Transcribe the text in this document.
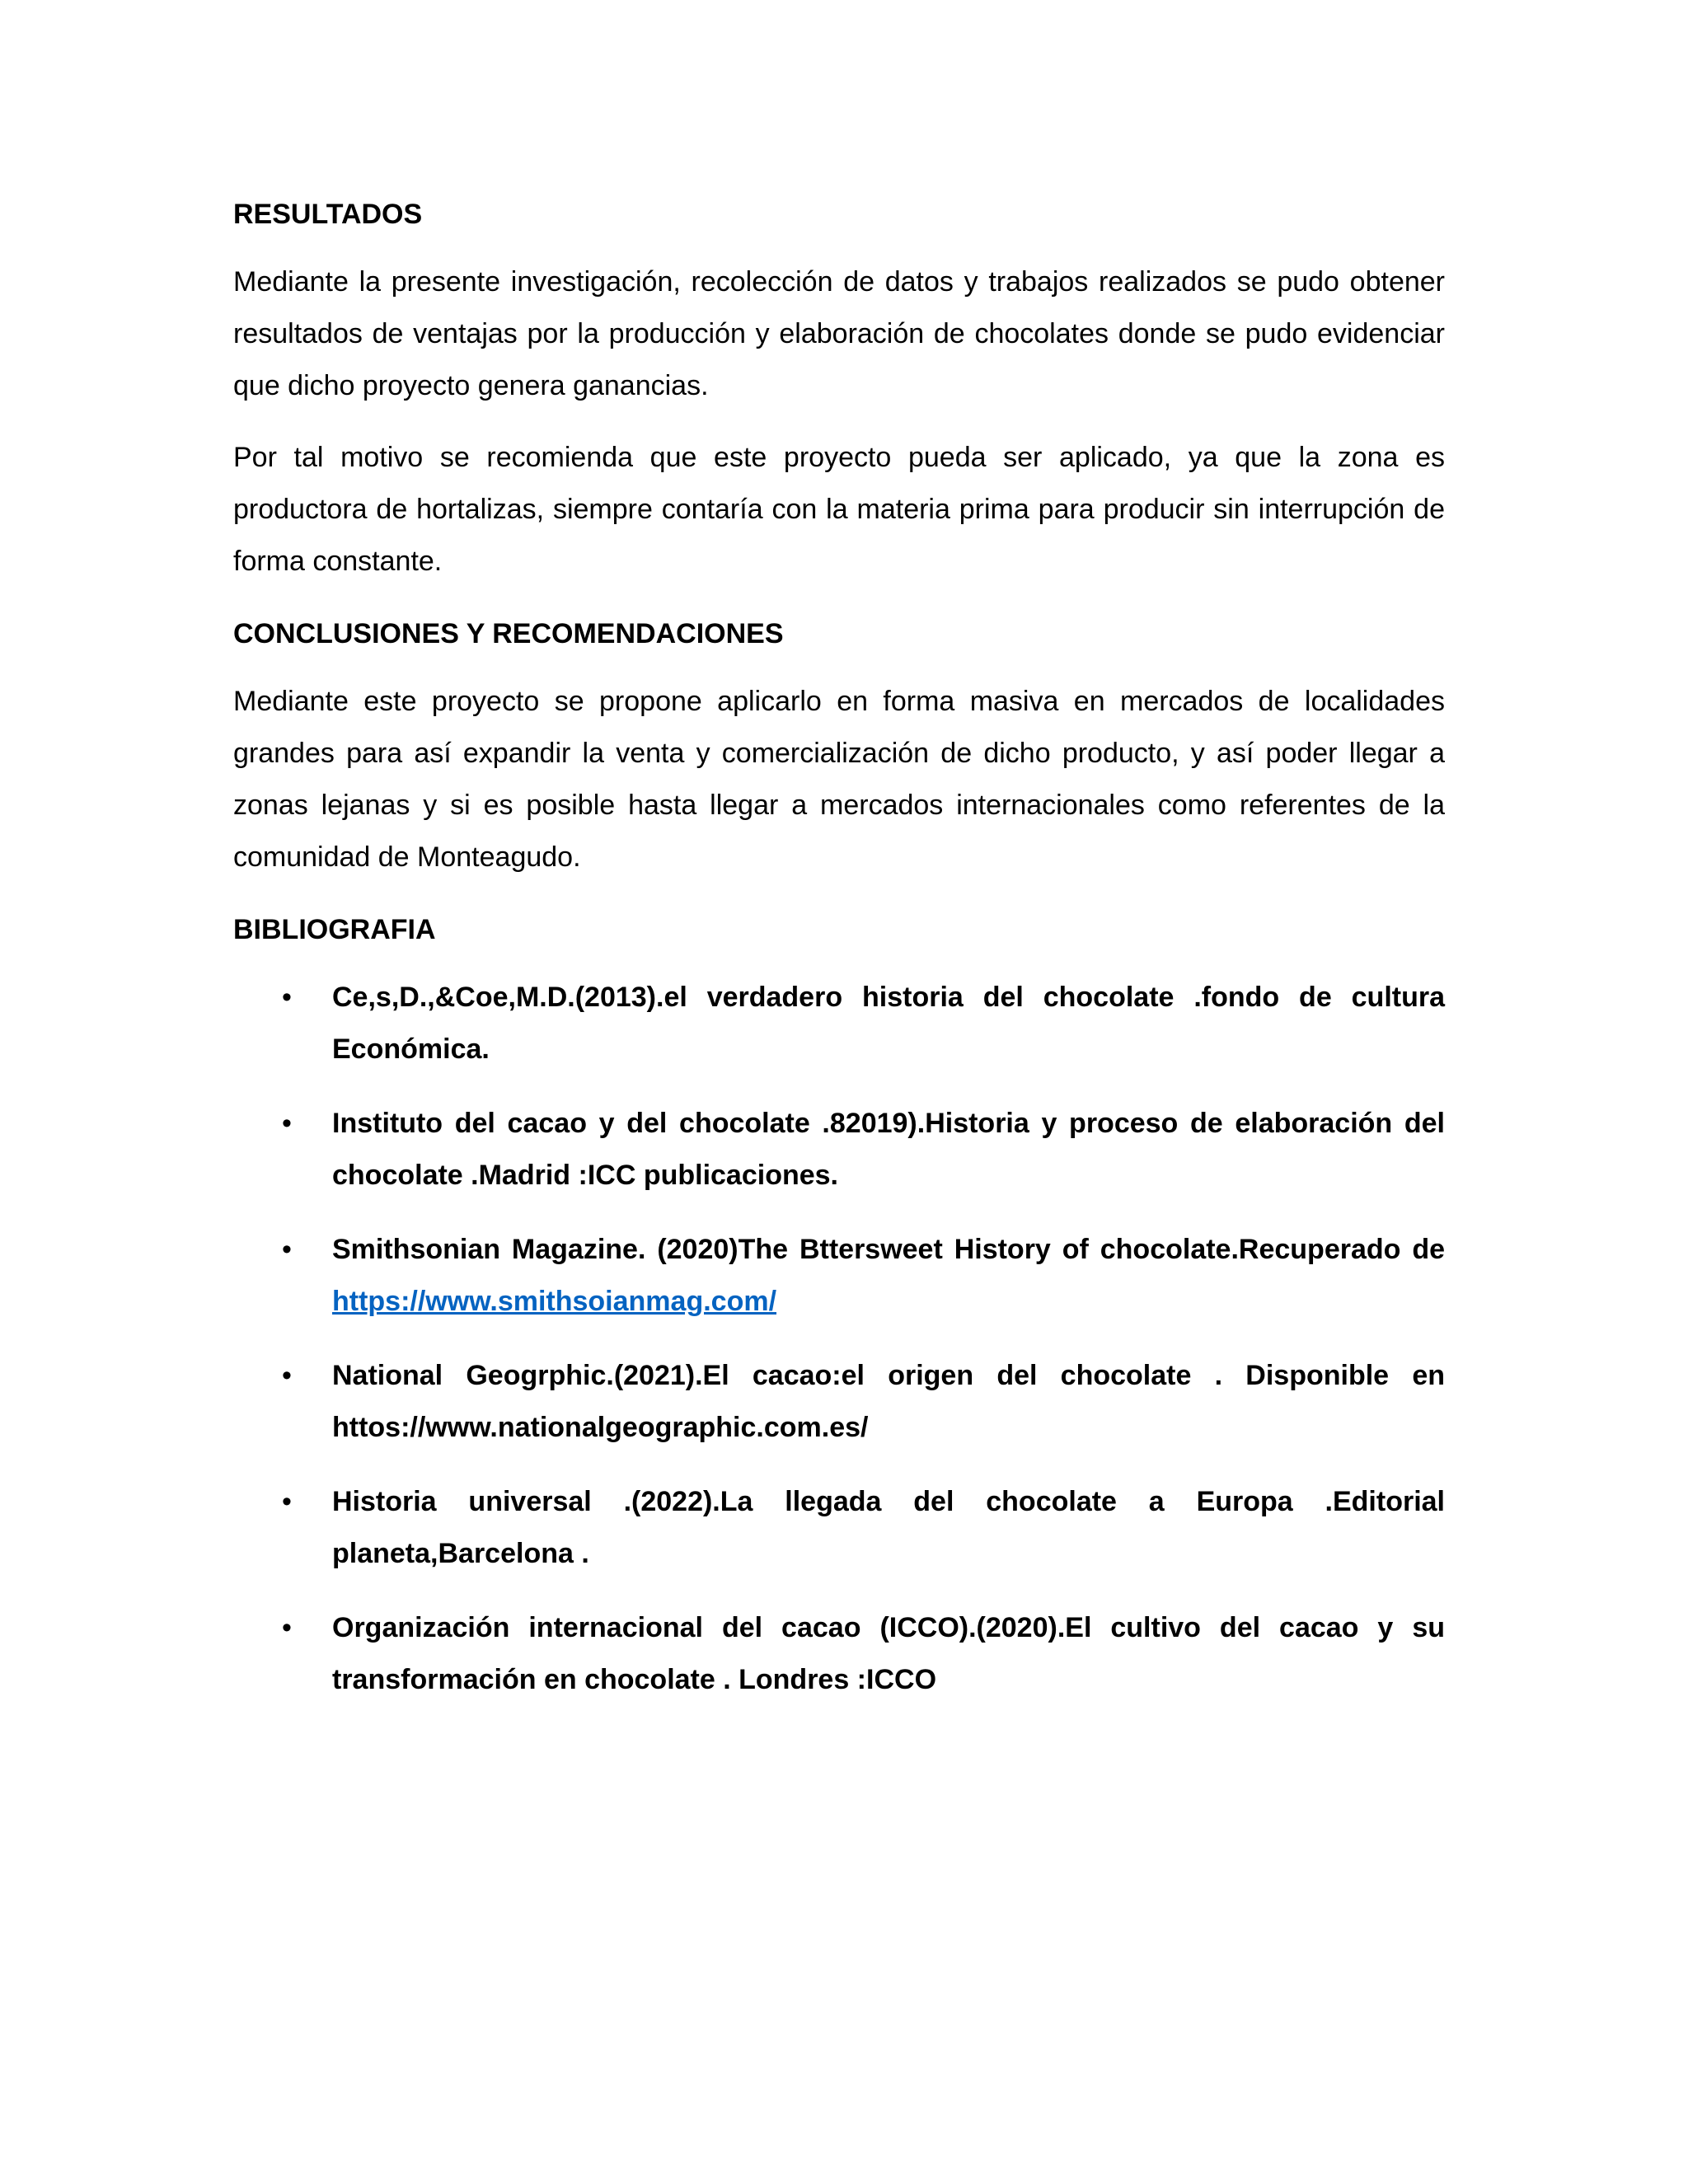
RESULTADOS

Mediante la presente investigación, recolección de datos y trabajos realizados se pudo obtener resultados de ventajas por la producción y elaboración de chocolates donde se pudo evidenciar que dicho proyecto genera ganancias.

Por tal motivo se recomienda que este proyecto pueda ser aplicado, ya que la zona es productora de hortalizas, siempre contaría con la materia prima para producir sin interrupción de forma constante.

CONCLUSIONES Y RECOMENDACIONES

Mediante este proyecto se propone aplicarlo en forma masiva en mercados de localidades grandes para así expandir la venta y comercialización de dicho producto, y así poder llegar a zonas lejanas y si es posible hasta llegar a mercados internacionales como referentes de la comunidad de Monteagudo.

BIBLIOGRAFIA
• Ce,s,D.,&Coe,M.D.(2013).el verdadero historia del chocolate .fondo de cultura Económica.
• Instituto del cacao y del chocolate .82019).Historia y proceso de elaboración del chocolate .Madrid :ICC publicaciones.
• Smithsonian Magazine. (2020)The Bttersweet History of chocolate.Recuperado de https://www.smithsoianmag.com/
• National Geogrphic.(2021).El cacao:el origen del chocolate . Disponible en httos://www.nationalgeographic.com.es/
• Historia universal .(2022).La llegada del chocolate a Europa .Editorial planeta,Barcelona .
• Organización internacional del cacao (ICCO).(2020).El cultivo del cacao y su transformación en chocolate . Londres :ICCO
